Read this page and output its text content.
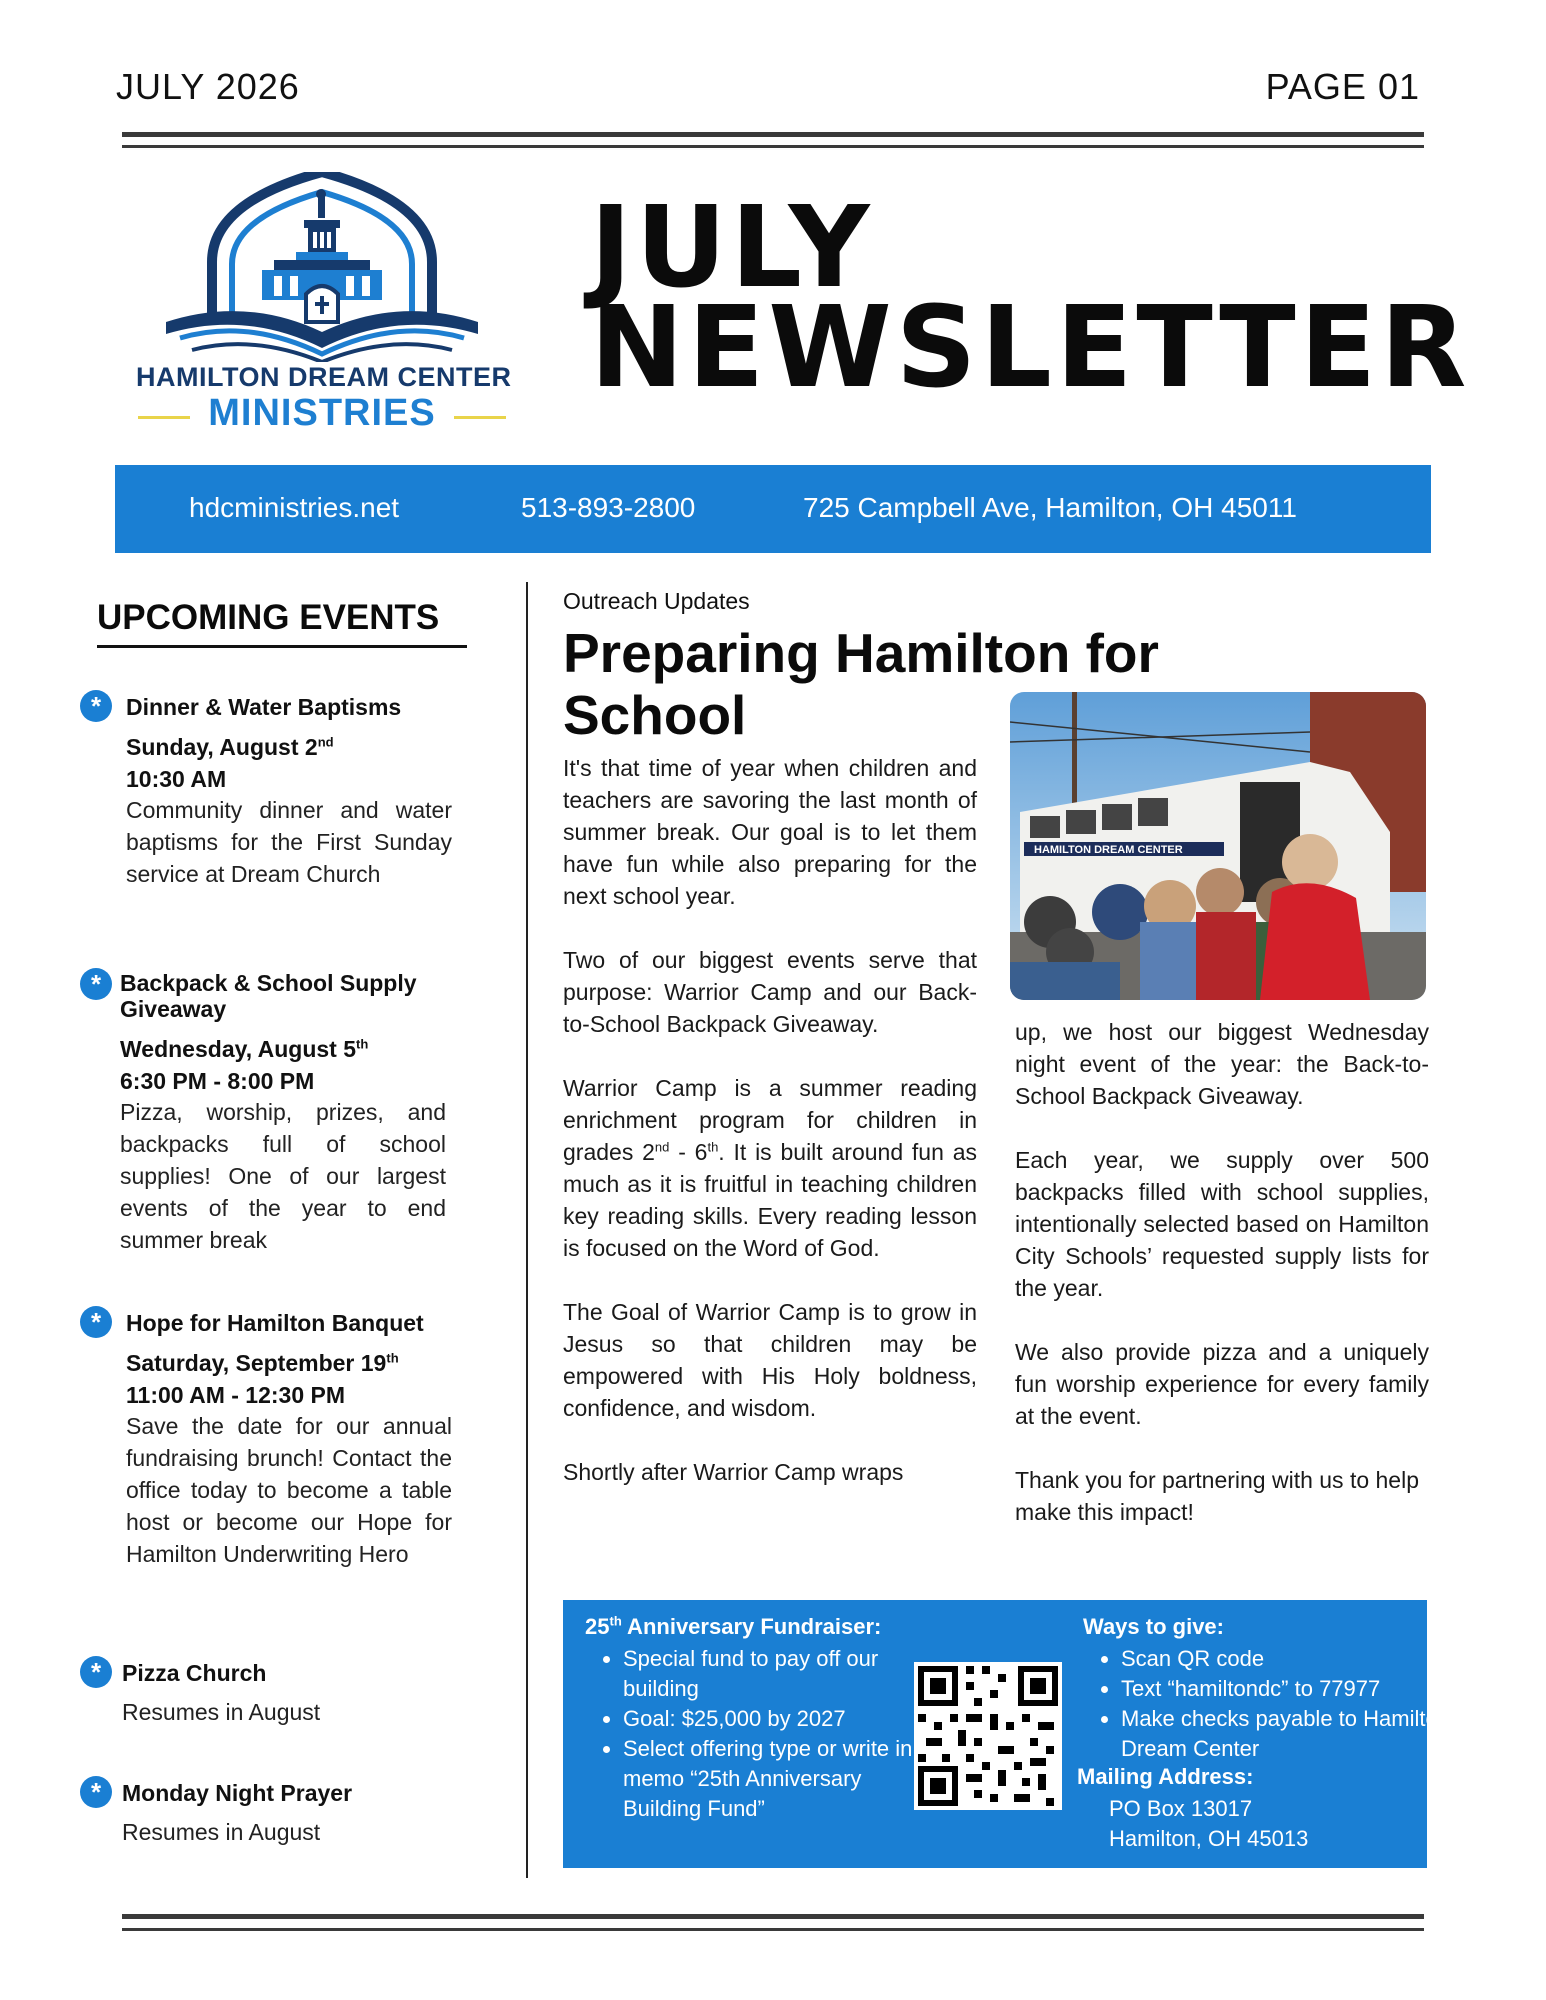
JULY 2026	PAGE 01
HAMILTON DREAM CENTER
MINISTRIES
JULY
NEWSLETTER
hdcministries.net	513-893-2800	725 Campbell Ave, Hamilton, OH 45011
UPCOMING EVENTS
*	Dinner & Water Baptisms
Sunday, August 2nd
10:30 AM
Community dinner and water baptisms for the First Sunday service at Dream Church
* Backpack & School Supply Giveaway
Wednesday, August 5th
6:30 PM - 8:00 PM
Pizza, worship, prizes, and backpacks full of school supplies! One of our largest events of the year to end summer break
*	Hope for Hamilton Banquet
Saturday, September 19th
11:00 AM - 12:30 PM
Save the date for our annual fundraising brunch! Contact the office today to become a table host or become our Hope for Hamilton Underwriting Hero
* Pizza Church
Resumes in August
* Monday Night Prayer
Resumes in August
Outreach Updates
Preparing Hamilton for
School

It's that time of year when children and teachers are savoring the last month of summer break. Our goal is to let them have fun while also preparing for the next school year.

Two of our biggest events serve that purpose: Warrior Camp and our Back-to-School Backpack Giveaway.

Warrior Camp is a summer reading enrichment program for children in grades 2nd - 6th. It is built around fun as much as it is fruitful in teaching children key reading skills. Every reading lesson is focused on the Word of God.

The Goal of Warrior Camp is to grow in Jesus so that children may be empowered with His Holy boldness, confidence, and wisdom.

Shortly after Warrior Camp wraps

HAMILTON DREAM CENTER

up, we host our biggest Wednesday night event of the year: the Back-to-School Backpack Giveaway.

Each year, we supply over 500 backpacks filled with school supplies, intentionally selected based on Hamilton City Schools’ requested supply lists for the year.

We also provide pizza and a uniquely fun worship experience for every family at the event.

Thank you for partnering with us to help make this impact!

25th Anniversary Fundraiser:
• Special fund to pay off our building
• Goal: $25,000 by 2027
• Select offering type or write in memo “25th Anniversary Building Fund”
Ways to give:
• Scan QR code
• Text “hamiltondc” to 77977
• Make checks payable to Hamilton Dream Center
Mailing Address:
PO Box 13017
Hamilton, OH 45013
